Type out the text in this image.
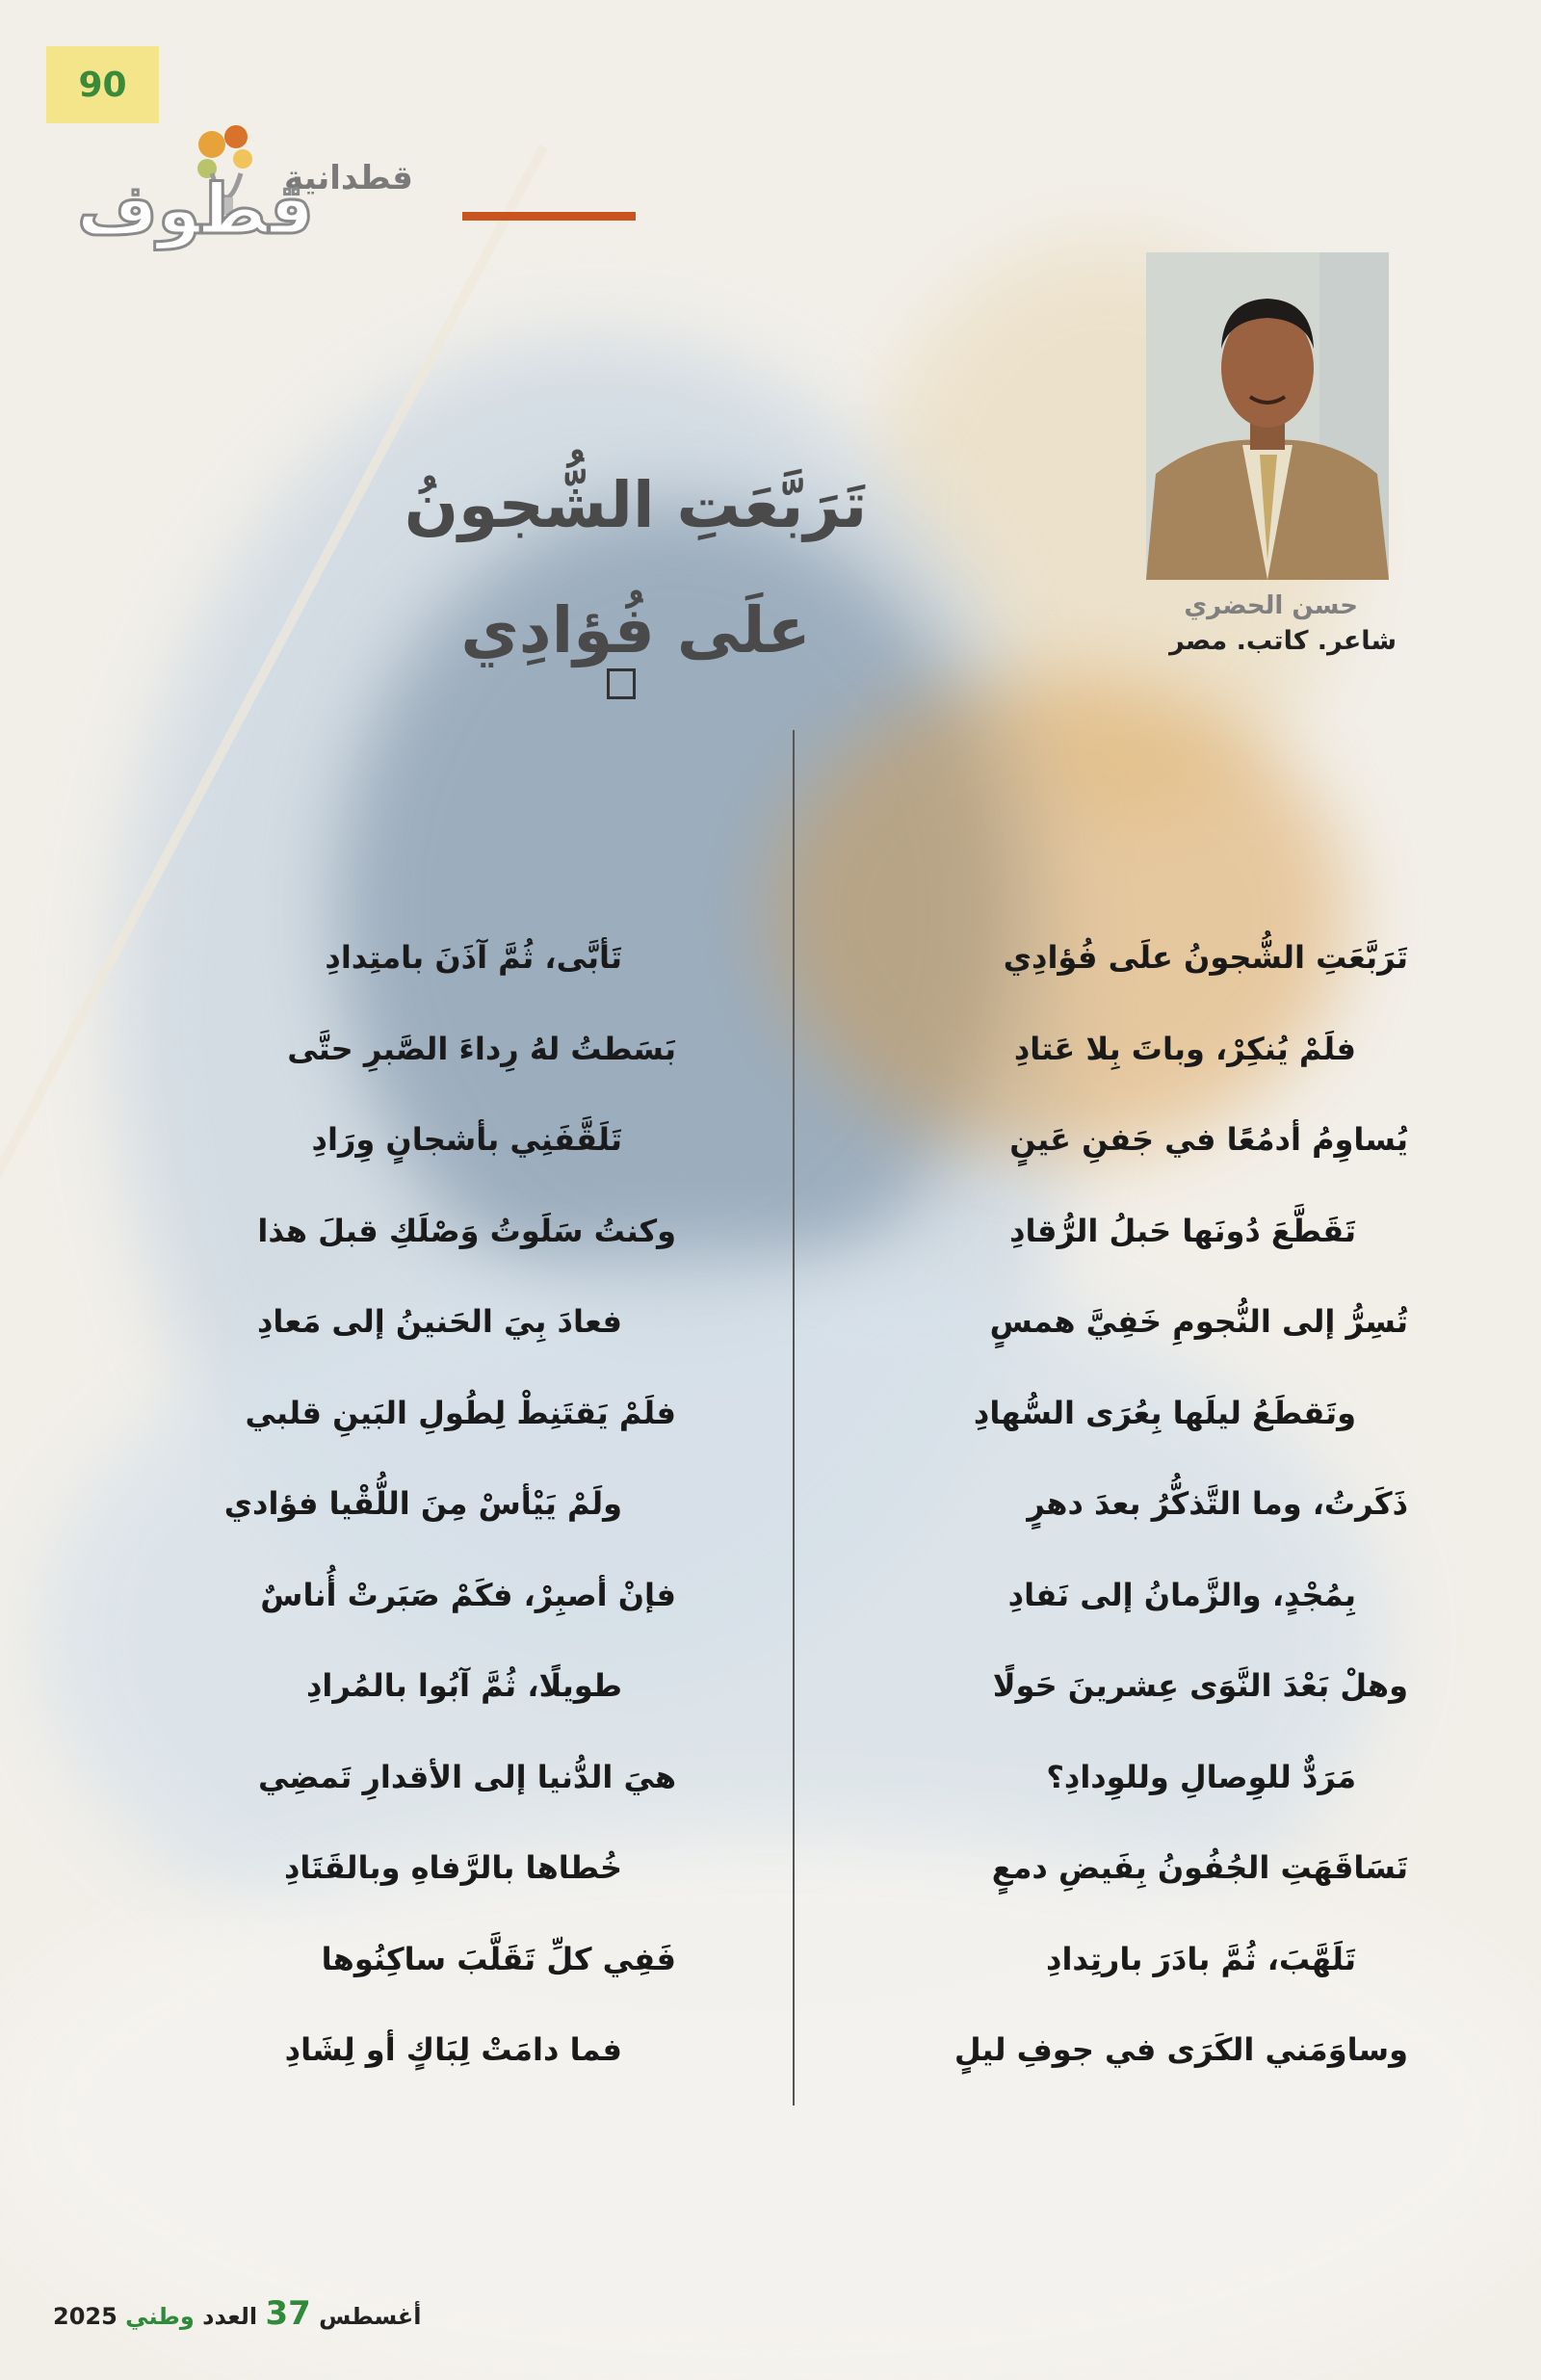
90
قطدانية
قطوف
حسن الحضري
شاعر. كاتب. مصر
تَرَبَّعَتِ الشُّجونُ
علَى فُؤادِي
تَرَبَّعَتِ الشُّجونُ علَى فُؤادِي
تَأبَّى، ثُمَّ آذَنَ بامتِدادِ
فلَمْ يُنكِرْ، وباتَ بِلا عَتادِ
بَسَطتُ لهُ رِداءَ الصَّبرِ حتَّى
يُساوِمُ أدمُعًا في جَفنِ عَينٍ
تَلَقَّفَنِي بأشجانٍ وِرَادِ
تَقَطَّعَ دُونَها حَبلُ الرُّقادِ
وكنتُ سَلَوتُ وَصْلَكِ قبلَ هذا
تُسِرُّ إلى النُّجومِ خَفِيَّ همسٍ
فعادَ بِيَ الحَنينُ إلى مَعادِ
وتَقطَعُ ليلَها بِعُرَى السُّهادِ
فلَمْ يَقتَنِطْ لِطُولِ البَينِ قلبي
ذَكَرتُ، وما التَّذكُّرُ بعدَ دهرٍ
ولَمْ يَيْأسْ مِنَ اللُّقْيا فؤادي
بِمُجْدٍ، والزَّمانُ إلى نَفادِ
فإنْ أصبِرْ، فكَمْ صَبَرتْ أُناسٌ
وهلْ بَعْدَ النَّوَى عِشرينَ حَولًا
طويلًا، ثُمَّ آبُوا بالمُرادِ
مَرَدٌّ للوِصالِ وللوِدادِ؟
هيَ الدُّنيا إلى الأقدارِ تَمضِي
تَسَاقَهَتِ الجُفُونُ بِفَيضِ دمعٍ
خُطاها بالرَّفاهِ وبالقَتَادِ
تَلَهَّبَ، ثُمَّ بادَرَ بارتِدادِ
فَفِي كلِّ تَقَلَّبَ ساكِنُوها
وساوَمَني الكَرَى في جوفِ ليلٍ
فما دامَتْ لِبَاكٍ أو لِشَادِ
2025	أغسطس 37 العدد وطني
